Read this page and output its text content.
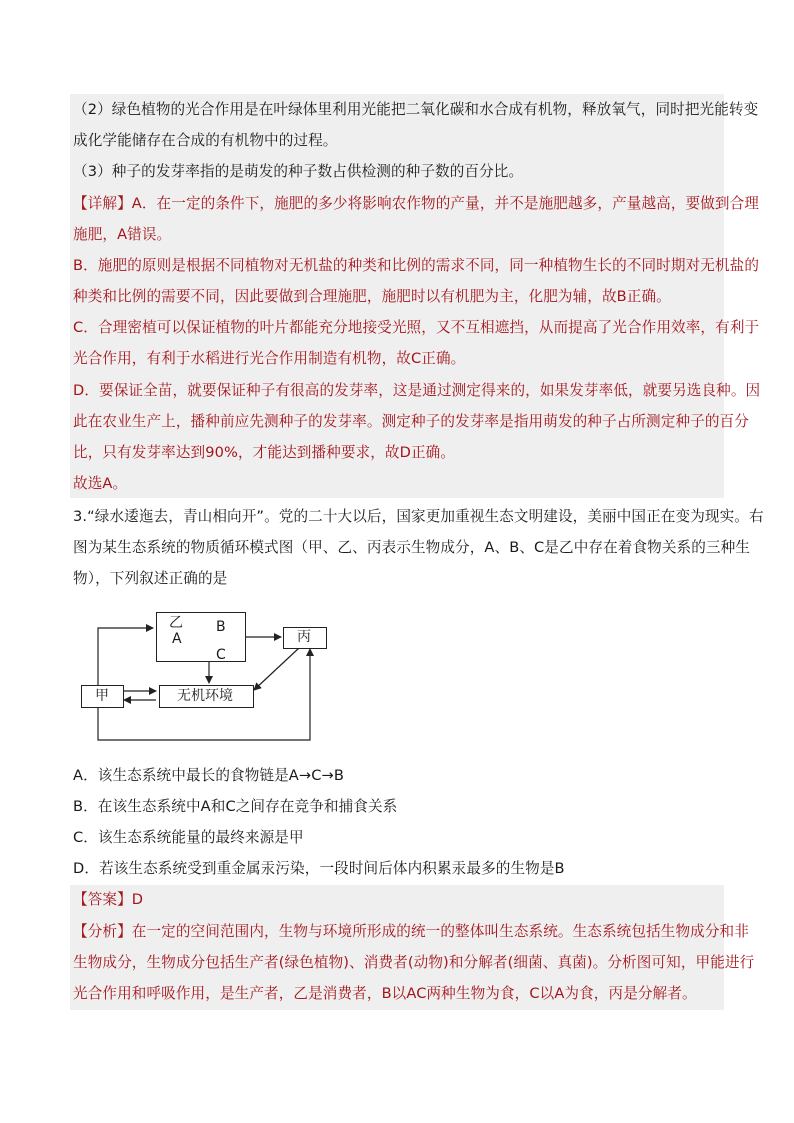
（2）绿色植物的光合作用是在叶绿体里利用光能把二氧化碳和水合成有机物，释放氧气，同时把光能转变
成化学能储存在合成的有机物中的过程。
（3）种子的发芽率指的是萌发的种子数占供检测的种子数的百分比。
【详解】A．在一定的条件下，施肥的多少将影响农作物的产量，并不是施肥越多，产量越高，要做到合理
施肥，A错误。
B．施肥的原则是根据不同植物对无机盐的种类和比例的需求不同，同一种植物生长的不同时期对无机盐的
种类和比例的需要不同，因此要做到合理施肥，施肥时以有机肥为主，化肥为辅，故B正确。
C．合理密植可以保证植物的叶片都能充分地接受光照，又不互相遮挡，从而提高了光合作用效率，有利于
光合作用，有利于水稻进行光合作用制造有机物，故C正确。
D．要保证全苗，就要保证种子有很高的发芽率，这是通过测定得来的，如果发芽率低，就要另选良种。因
此在农业生产上，播种前应先测种子的发芽率。测定种子的发芽率是指用萌发的种子占所测定种子的百分
比，只有发芽率达到90%，才能达到播种要求，故D正确。
故选A。
3.“绿水逶迤去，青山相向开”。党的二十大以后，国家更加重视生态文明建设，美丽中国正在变为现实。右
图为某生态系统的物质循环模式图（甲、乙、丙表示生物成分，A、B、C是乙中存在着食物关系的三种生
物），下列叙述正确的是
乙
A
B
C
丙
甲	无机环境
A．该生态系统中最长的食物链是A→C→B
B．在该生态系统中A和C之间存在竞争和捕食关系
C．该生态系统能量的最终来源是甲
D．若该生态系统受到重金属汞污染，一段时间后体内积累汞最多的生物是B
【答案】D
【分析】在一定的空间范围内，生物与环境所形成的统一的整体叫生态系统。生态系统包括生物成分和非
生物成分，生物成分包括生产者(绿色植物)、消费者(动物)和分解者(细菌、真菌)。分析图可知，甲能进行
光合作用和呼吸作用，是生产者，乙是消费者，B以AC两种生物为食，C以A为食，丙是分解者。
